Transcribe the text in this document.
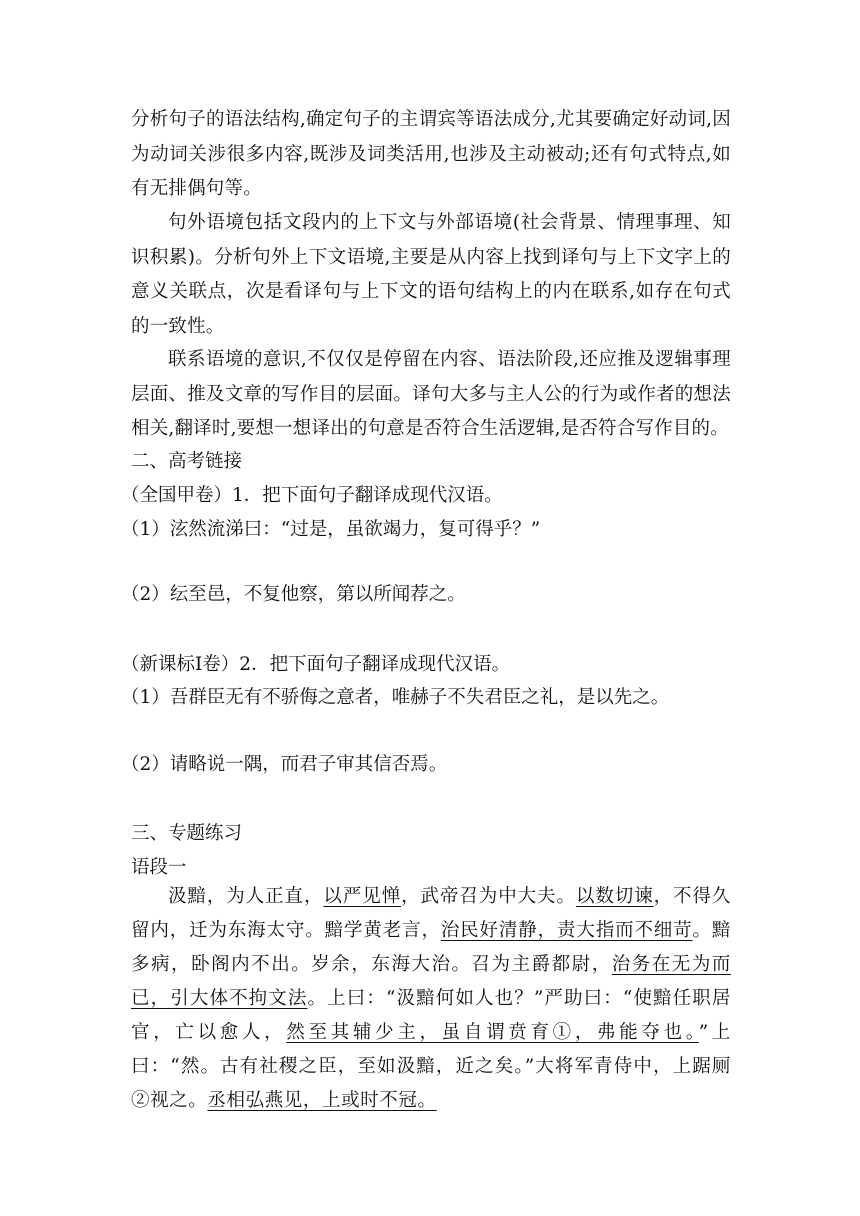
分析句子的语法结构,确定句子的主谓宾等语法成分,尤其要确定好动词,因为动词关涉很多内容,既涉及词类活用,也涉及主动被动;还有句式特点,如有无排偶句等。
句外语境包括文段内的上下文与外部语境(社会背景、情理事理、知识积累)。分析句外上下文语境,主要是从内容上找到译句与上下文字上的意义关联点，次是看译句与上下文的语句结构上的内在联系,如存在句式的一致性。
联系语境的意识,不仅仅是停留在内容、语法阶段,还应推及逻辑事理层面、推及文章的写作目的层面。译句大多与主人公的行为或作者的想法相关,翻译时,要想一想译出的句意是否符合生活逻辑,是否符合写作目的。
二、高考链接
（全国甲卷）1．把下面句子翻译成现代汉语。
（1）泫然流涕曰：“过是，虽欲竭力，复可得乎？”
（2）纭至邑，不复他察，第以所闻荐之。
（新课标Ⅰ卷）2．把下面句子翻译成现代汉语。
（1）吾群臣无有不骄侮之意者，唯赫子不失君臣之礼，是以先之。
（2）请略说一隅，而君子审其信否焉。
三、专题练习
语段一
汲黯，为人正直，以严见惮，武帝召为中大夫。以数切谏，不得久留内，迁为东海太守。黯学黄老言，治民好清静，责大指而不细苛。黯多病，卧阁内不出。岁余，东海大治。召为主爵都尉，治务在无为而已，引大体不拘文法。上曰：“汲黯何如人也？”严助曰：“使黯任职居官，亡以愈人，然至其辅少主，虽自谓贲育①，弗能夺也。”上曰：“然。古有社稷之臣，至如汲黯，近之矣。”大将军青侍中，上踞厕②视之。丞相弘燕见，上或时不冠。
